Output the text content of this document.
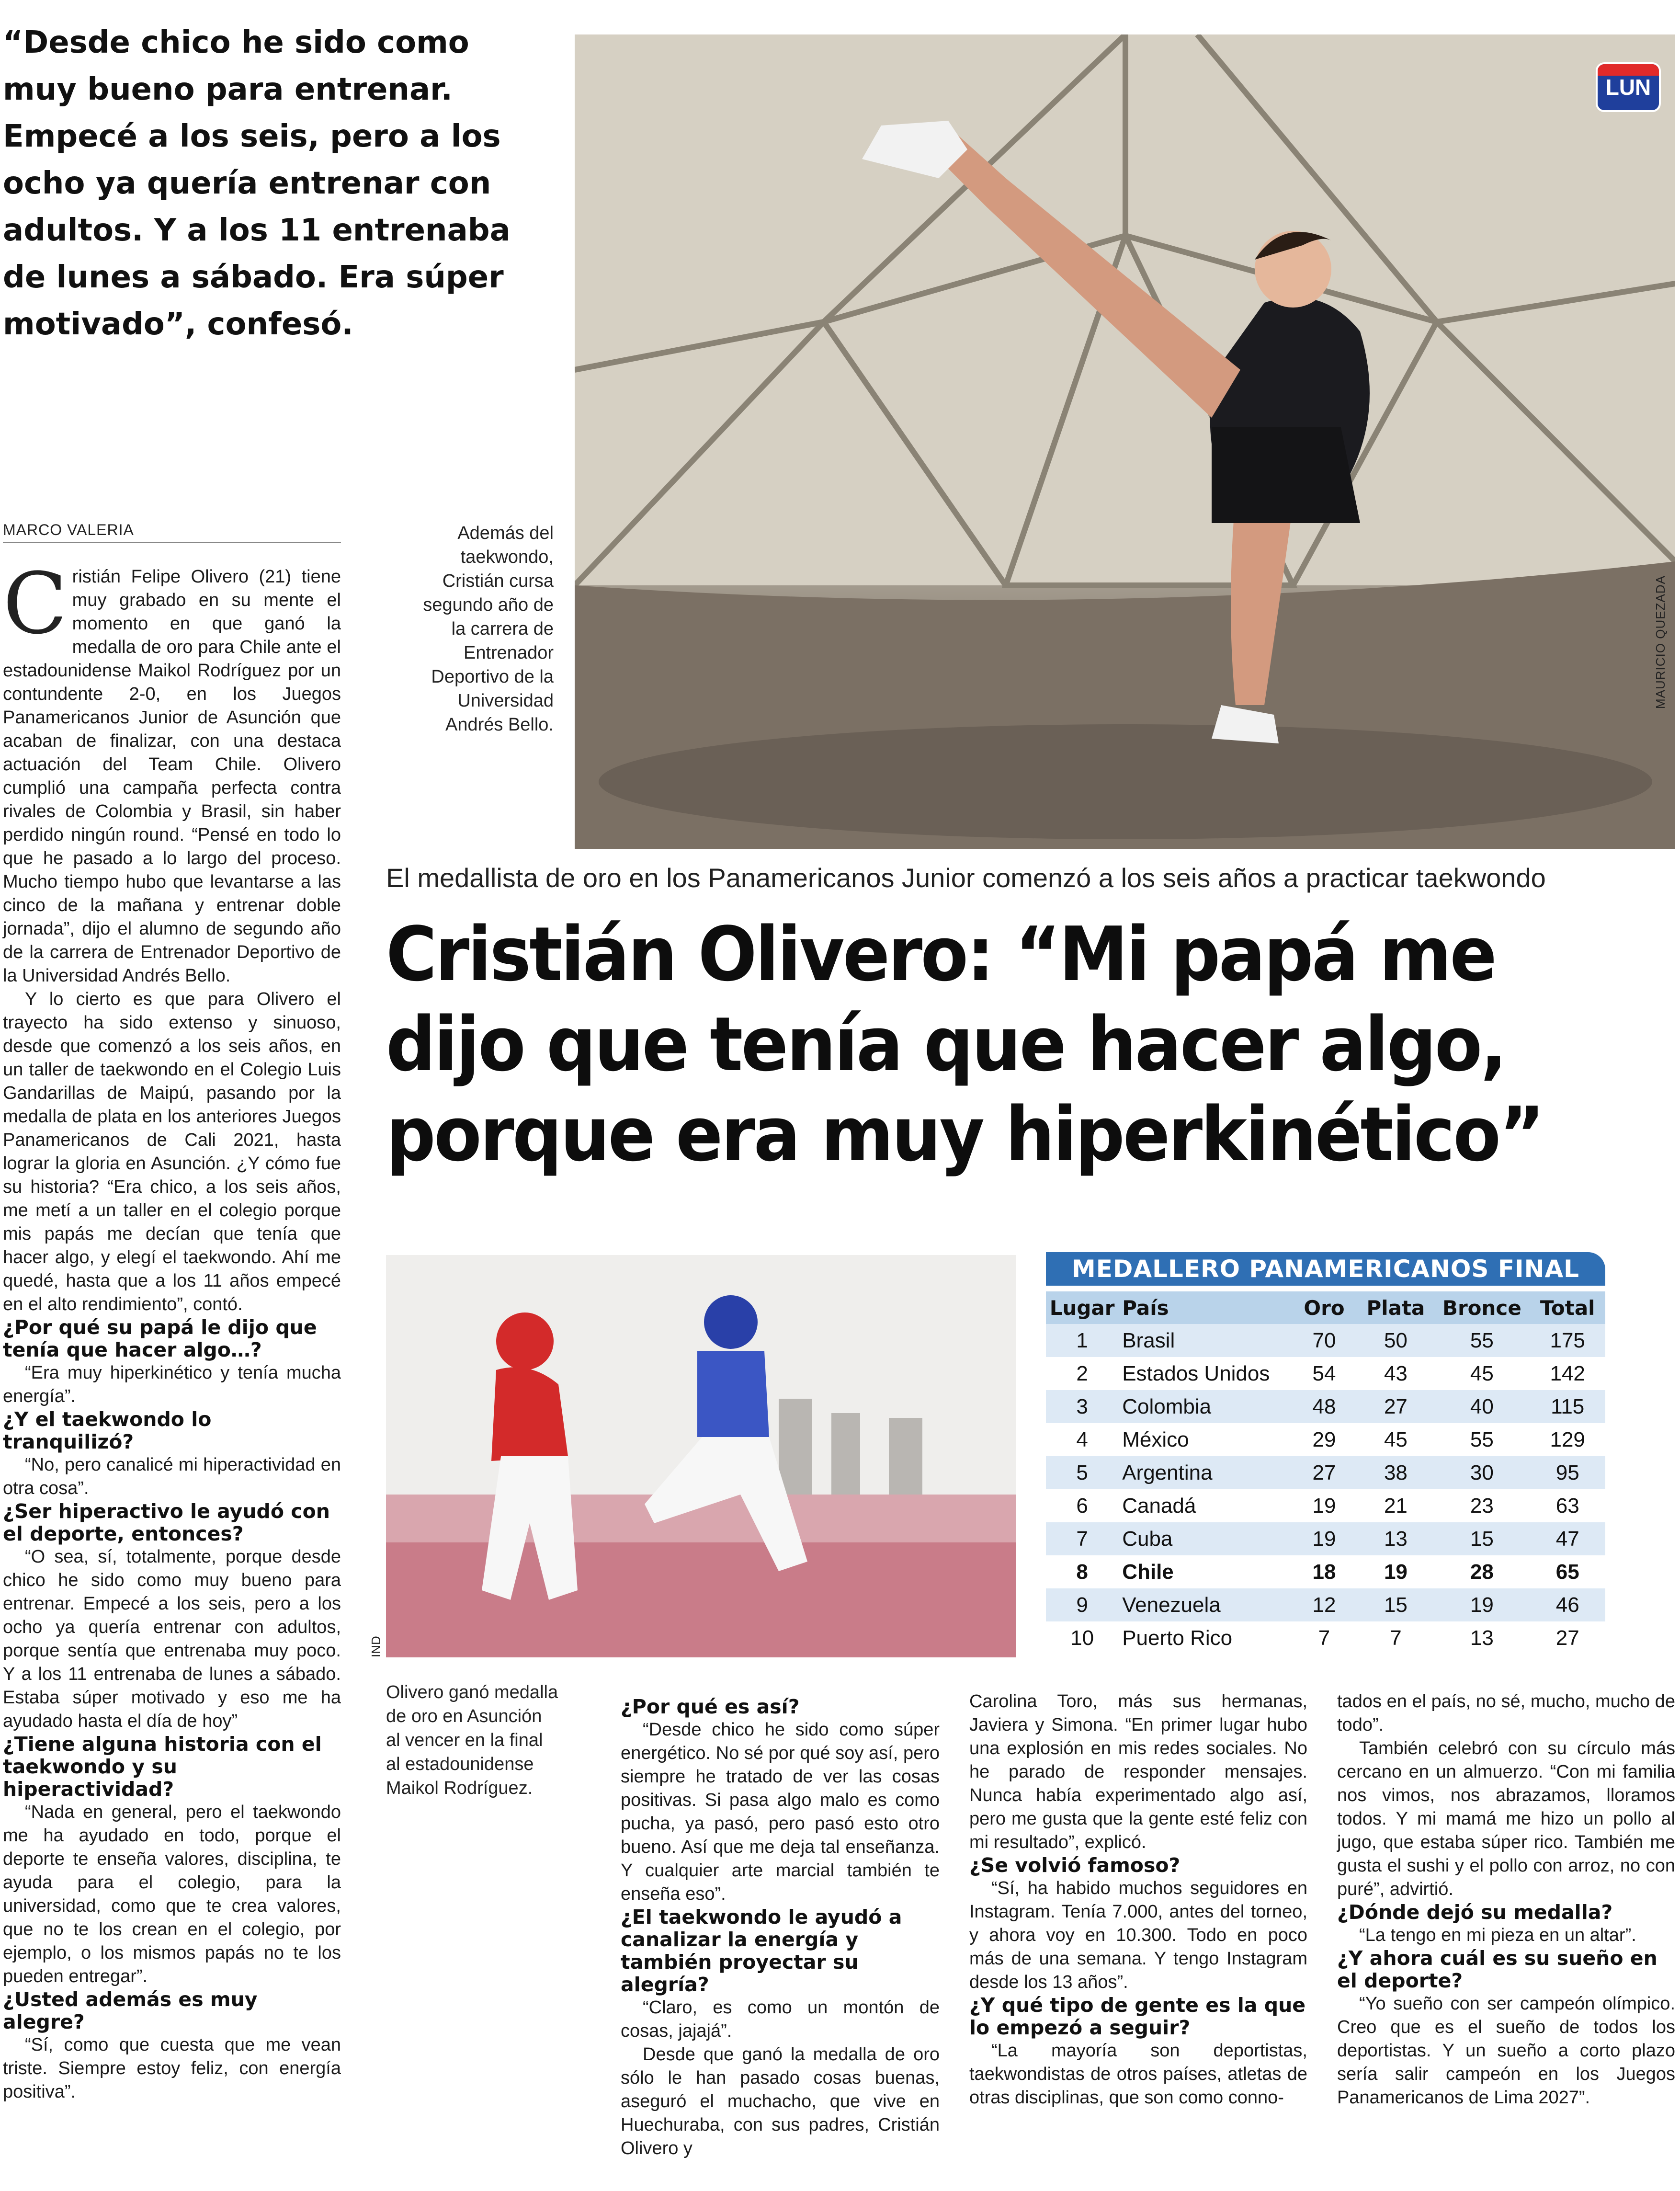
“Desde chico he sido como muy bueno para entrenar. Empecé a los seis, pero a los ocho ya quería entrenar con adultos. Y a los 11 entrenaba de lunes a sábado. Era súper motivado”, confesó.
LUN
MAURICIO QUEZADA
Además del taekwondo, Cristián cursa segundo año de la carrera de Entrenador Deportivo de la Universidad Andrés Bello.
MARCO VALERIA

Cristián Felipe Olivero (21) tiene muy grabado en su mente el momento en que ganó la medalla de oro para Chile ante el estadounidense Maikol Rodríguez por un contundente 2-0, en los Juegos Panamericanos Junior de Asunción que acaban de finalizar, con una destaca actuación del Team Chile. Olivero cumplió una campaña perfecta contra rivales de Colombia y Brasil, sin haber perdido ningún round. “Pensé en todo lo que he pasado a lo largo del proceso. Mucho tiempo hubo que levantarse a las cinco de la mañana y entrenar doble jornada”, dijo el alumno de segundo año de la carrera de Entrenador Deportivo de la Universidad Andrés Bello.

Y lo cierto es que para Olivero el trayecto ha sido extenso y sinuoso, desde que comenzó a los seis años, en un taller de taekwondo en el Colegio Luis Gandarillas de Maipú, pasando por la medalla de plata en los anteriores Juegos Panamericanos de Cali 2021, hasta lograr la gloria en Asunción. ¿Y cómo fue su historia? “Era chico, a los seis años, me metí a un taller en el colegio porque mis papás me decían que tenía que hacer algo, y elegí el taekwondo. Ahí me quedé, hasta que a los 11 años empecé en el alto rendimiento”, contó.

¿Por qué su papá le dijo que tenía que hacer algo…?

“Era muy hiperkinético y tenía mucha energía”.

¿Y el taekwondo lo tranquilizó?

“No, pero canalicé mi hiperactividad en otra cosa”.

¿Ser hiperactivo le ayudó con el deporte, entonces?

“O sea, sí, totalmente, porque desde chico he sido como muy bueno para entrenar. Empecé a los seis, pero a los ocho ya quería entrenar con adultos, porque sentía que entrenaba muy poco. Y a los 11 entrenaba de lunes a sábado. Estaba súper motivado y eso me ha ayudado hasta el día de hoy”

¿Tiene alguna historia con el taekwondo y su hiperactividad?

“Nada en general, pero el taekwondo me ha ayudado en todo, porque el deporte te enseña valores, disciplina, te ayuda para el colegio, para la universidad, como que te crea valores, que no te los crean en el colegio, por ejemplo, o los mismos papás no te los pueden entregar”.

¿Usted además es muy alegre?

“Sí, como que cuesta que me vean triste. Siempre estoy feliz, con energía positiva”.

El medallista de oro en los Panamericanos Junior comenzó a los seis años a practicar taekwondo
Cristián Olivero: “Mi papá me dijo que tenía que hacer algo, porque era muy hiperkinético”
IND
Olivero ganó medalla de oro en Asunción al vencer en la final al estadounidense Maikol Rodríguez.
MEDALLERO PANAMERICANOS FINAL
Lugar	País	Oro	Plata	Bronce	Total
1	Brasil	70	50	55	175
2	Estados Unidos	54	43	45	142
3	Colombia	48	27	40	115
4	México	29	45	55	129
5	Argentina	27	38	30	95
6	Canadá	19	21	23	63
7	Cuba	19	13	15	47
8	Chile	18	19	28	65
9	Venezuela	12	15	19	46
10	Puerto Rico	7	7	13	27

¿Por qué es así?

“Desde chico he sido como súper energético. No sé por qué soy así, pero siempre he tratado de ver las cosas positivas. Si pasa algo malo es como pucha, ya pasó, pero pasó esto otro bueno. Así que me deja tal enseñanza. Y cualquier arte marcial también te enseña eso”.

¿El taekwondo le ayudó a canalizar la energía y también proyectar su alegría?

“Claro, es como un montón de cosas, jajajá”.

Desde que ganó la medalla de oro sólo le han pasado cosas buenas, aseguró el muchacho, que vive en Huechuraba, con sus padres, Cristián Olivero y

Carolina Toro, más sus hermanas, Javiera y Simona. “En primer lugar hubo una explosión en mis redes sociales. No he parado de responder mensajes. Nunca había experimentado algo así, pero me gusta que la gente esté feliz con mi resultado”, explicó.

¿Se volvió famoso?

“Sí, ha habido muchos seguidores en Instagram. Tenía 7.000, antes del torneo, y ahora voy en 10.300. Todo en poco más de una semana. Y tengo Instagram desde los 13 años”.

¿Y qué tipo de gente es la que lo empezó a seguir?

“La mayoría son deportistas, taekwondistas de otros países, atletas de otras disciplinas, que son como conno-

tados en el país, no sé, mucho, mucho de todo”.

También celebró con su círculo más cercano en un almuerzo. “Con mi familia nos vimos, nos abrazamos, lloramos todos. Y mi mamá me hizo un pollo al jugo, que estaba súper rico. También me gusta el sushi y el pollo con arroz, no con puré”, advirtió.

¿Dónde dejó su medalla?

“La tengo en mi pieza en un altar”.

¿Y ahora cuál es su sueño en el deporte?

“Yo sueño con ser campeón olímpico. Creo que es el sueño de todos los deportistas. Y un sueño a corto plazo sería salir campeón en los Juegos Panamericanos de Lima 2027”.
